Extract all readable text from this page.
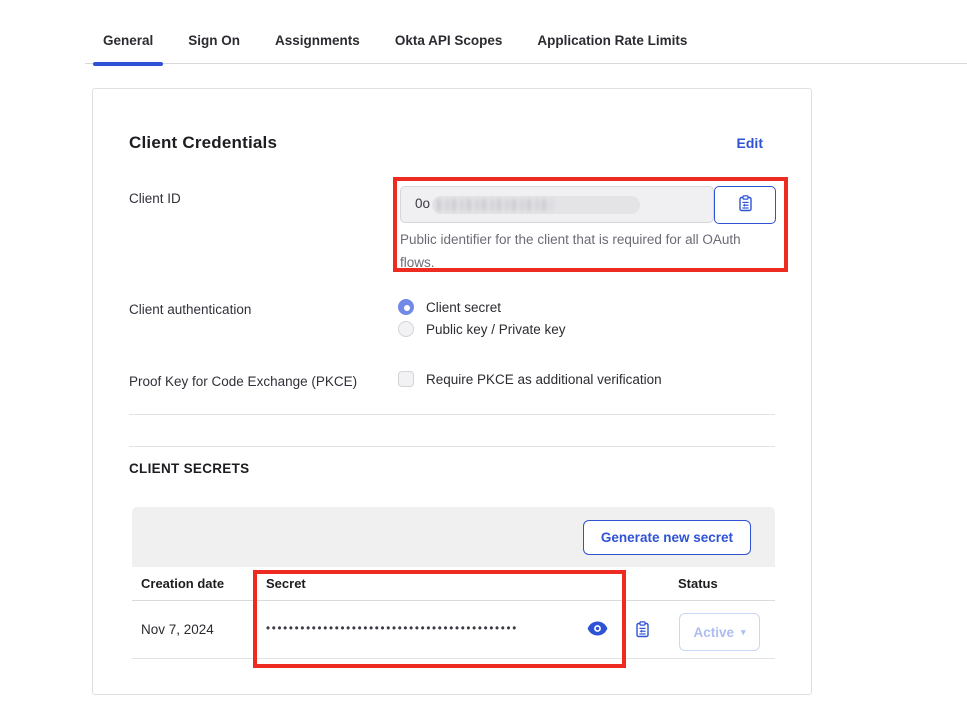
General	Sign On	Assignments	Okta API Scopes	Application Rate Limits
Client Credentials	Edit
Client ID	0o

Public identifier for the client that is required for all OAuth flows.

Client authentication	Client secret
Public key / Private key
Proof Key for Code Exchange (PKCE)	Require PKCE as additional verification
CLIENT SECRETS
Generate new secret
Creation date	Secret	Status
Nov 7, 2024	••••••••••••••••••••••••••••••••••••••••••••	Active ▾
